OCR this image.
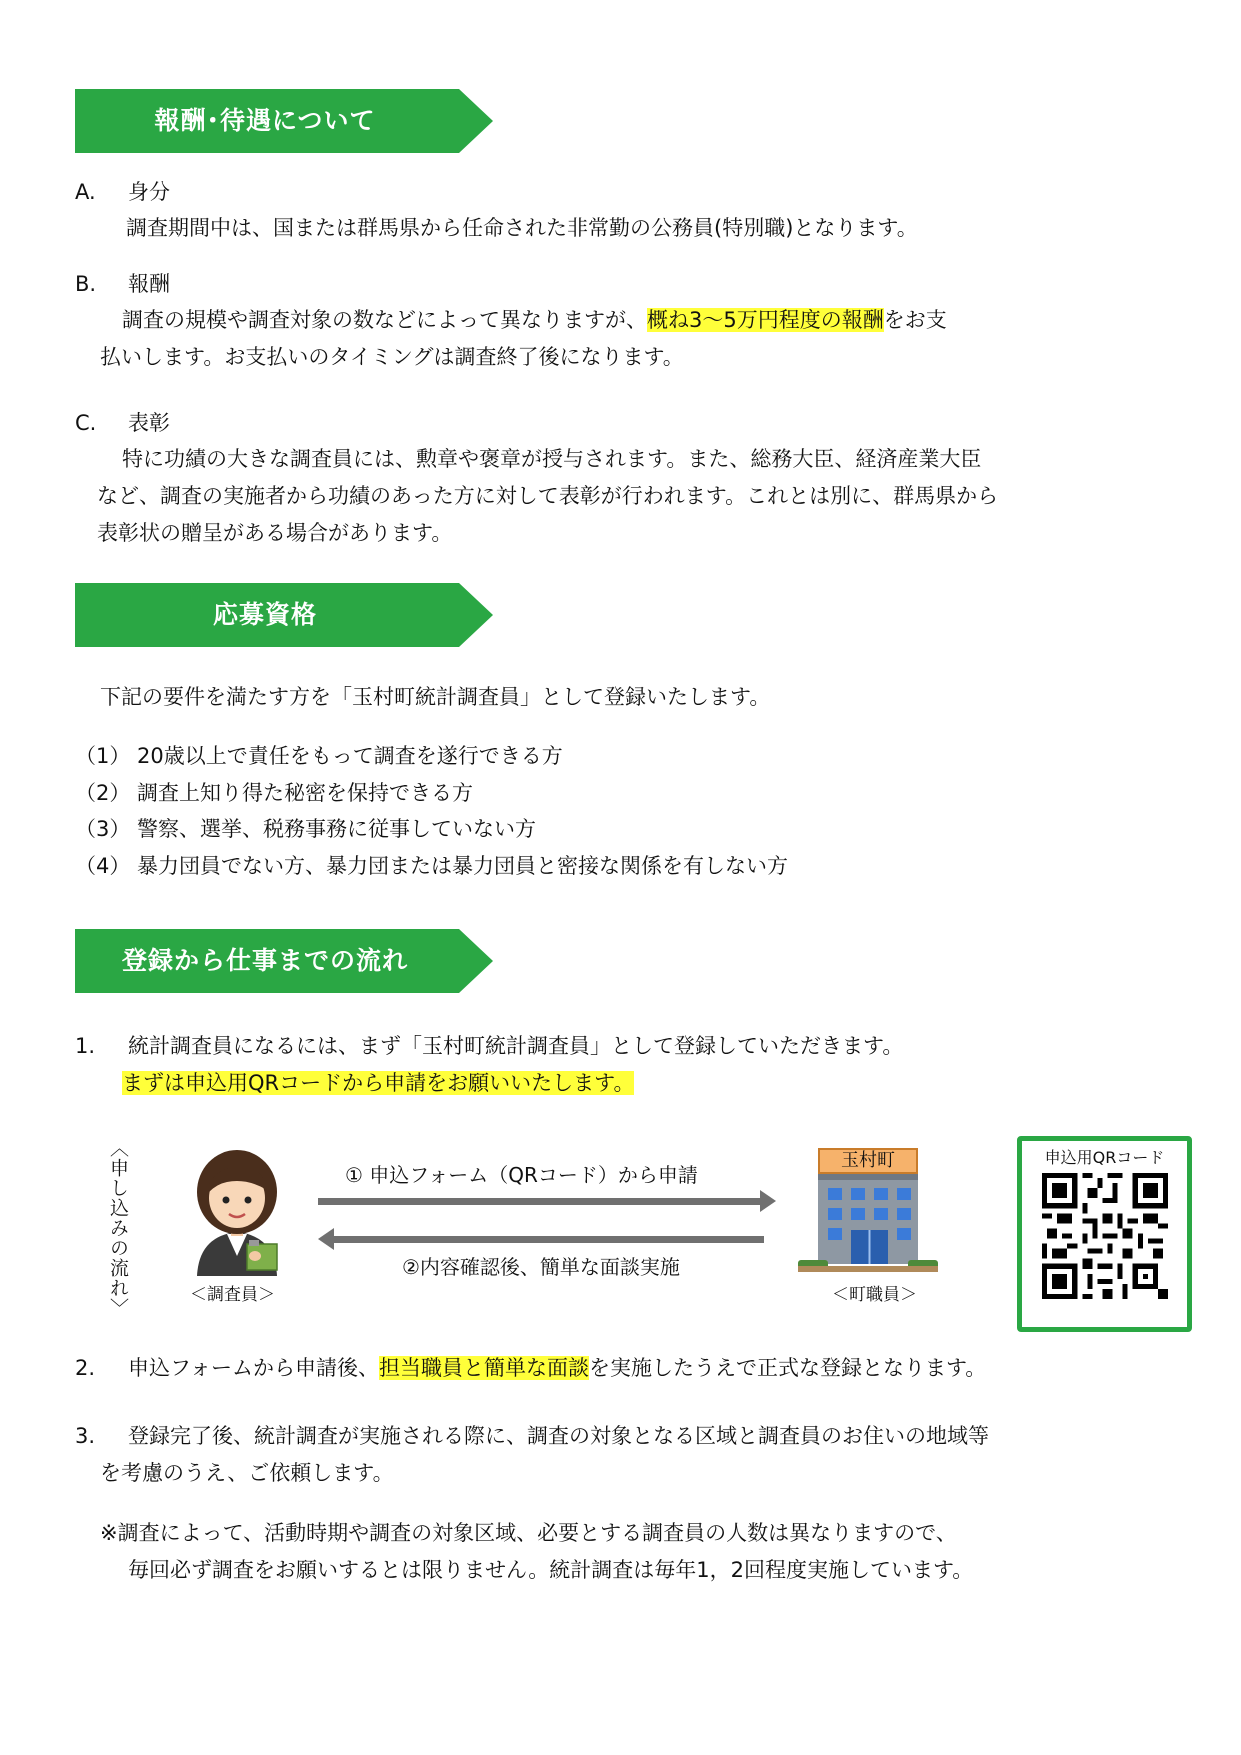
報酬･待遇について
A. 身分
調査期間中は、国または群馬県から任命された非常勤の公務員(特別職)となります。
B. 報酬
調査の規模や調査対象の数などによって異なりますが、概ね3～5万円程度の報酬をお支
払いします。お支払いのタイミングは調査終了後になります。
C. 表彰
特に功績の大きな調査員には、勲章や褒章が授与されます。また、総務大臣、経済産業大臣
など、調査の実施者から功績のあった方に対して表彰が行われます。これとは別に、群馬県から
表彰状の贈呈がある場合があります。
応募資格
下記の要件を満たす方を「玉村町統計調査員」として登録いたします。
（1） 20歳以上で責任をもって調査を遂行できる方
（2） 調査上知り得た秘密を保持できる方
（3） 警察、選挙、税務事務に従事していない方
（4） 暴力団員でない方、暴力団または暴力団員と密接な関係を有しない方
登録から仕事までの流れ
1. 統計調査員になるには、まず「玉村町統計調査員」として登録していただきます。
まずは申込用QRコードから申請をお願いいたします。
〈申し込みの流れ〉	＜調査員＞
① 申込フォーム（QRコード）から申請
②内容確認後、簡単な面談実施
玉村町
＜町職員＞
申込用QRコード
2. 申込フォームから申請後、担当職員と簡単な面談を実施したうえで正式な登録となります。
3. 登録完了後、統計調査が実施される際に、調査の対象となる区域と調査員のお住いの地域等
を考慮のうえ、ご依頼します。
※調査によって、活動時期や調査の対象区域、必要とする調査員の人数は異なりますので、
毎回必ず調査をお願いするとは限りません。統計調査は毎年1，2回程度実施しています。
